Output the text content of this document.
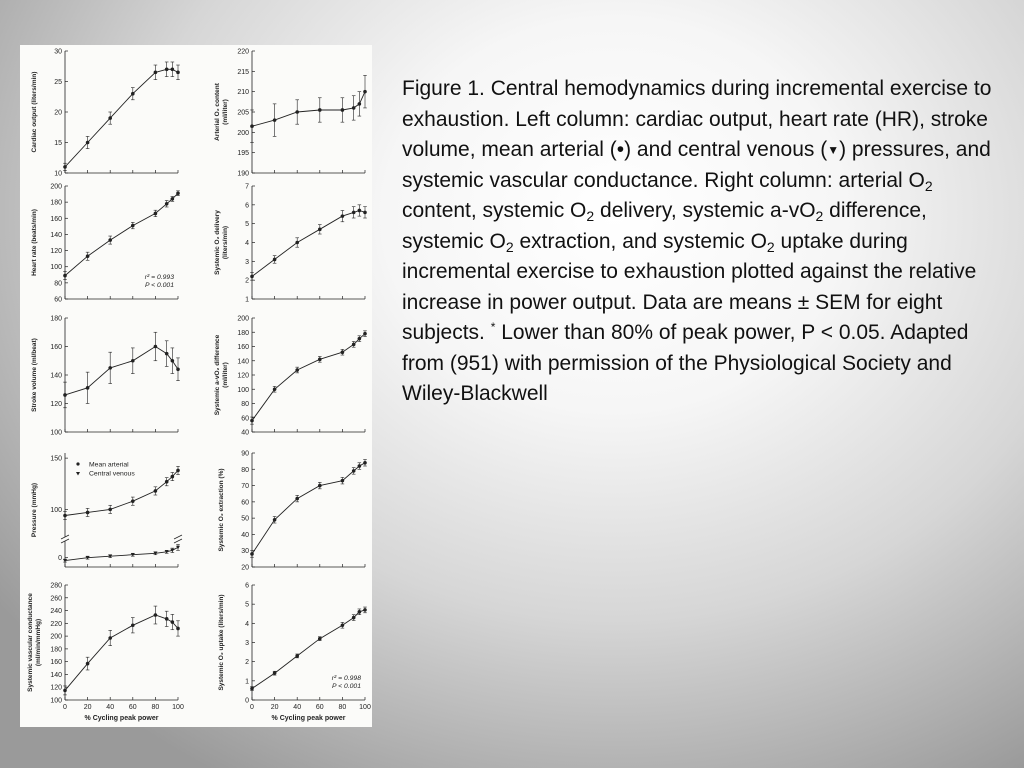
Cardiac output (liters/min)
10
15
20
25
30
Arterial O₂ content (ml/liter)
190
195
200
205
210
215
220
Heart rate (beats/min)
60
80
100
120
140
160
180
200
r² = 0.993
P < 0.001
Systemic O₂ delivery (liters/min)
1
2
3
4
5
6
7
Stroke volume (ml/beat)
100
120
140
160
180
Systemic a-vO₂ difference (ml/liter)
40
60
80
100
120
140
160
180
200
Pressure (mmHg) 100
150
0
Mean arterial
Central venous	Systemic O₂ extraction (%)
20
30
40
50
60
70
80
90
0 20 40 60 80 100
% Cycling peak power
Systemic vascular conductance (ml/min/mmHg)
100
120
140
160
180
200
220
240
260
280
0 20 40 60 80 100
% Cycling peak power
Systemic O₂ uptake (liters/min)
0
1
2
3
4
5
6
r² = 0.998
P < 0.001
Figure 1. Central hemodynamics during incremental exercise to exhaustion. Left column: cardiac output, heart rate (HR), stroke volume, mean arterial (•) and central venous (▼) pressures, and systemic vascular conductance. Right column: arterial $O_2$ content, systemic $O_2$ delivery, systemic $a-vO_2$ difference, systemic $O_2$ extraction, and systemic $O_2$ uptake during incremental exercise to exhaustion plotted against the relative increase in power output. Data are means ± SEM for eight subjects. * Lower than 80% of peak power, P < 0.05. Adapted from (951) with permission of the Physiological Society and Wiley-Blackwell
